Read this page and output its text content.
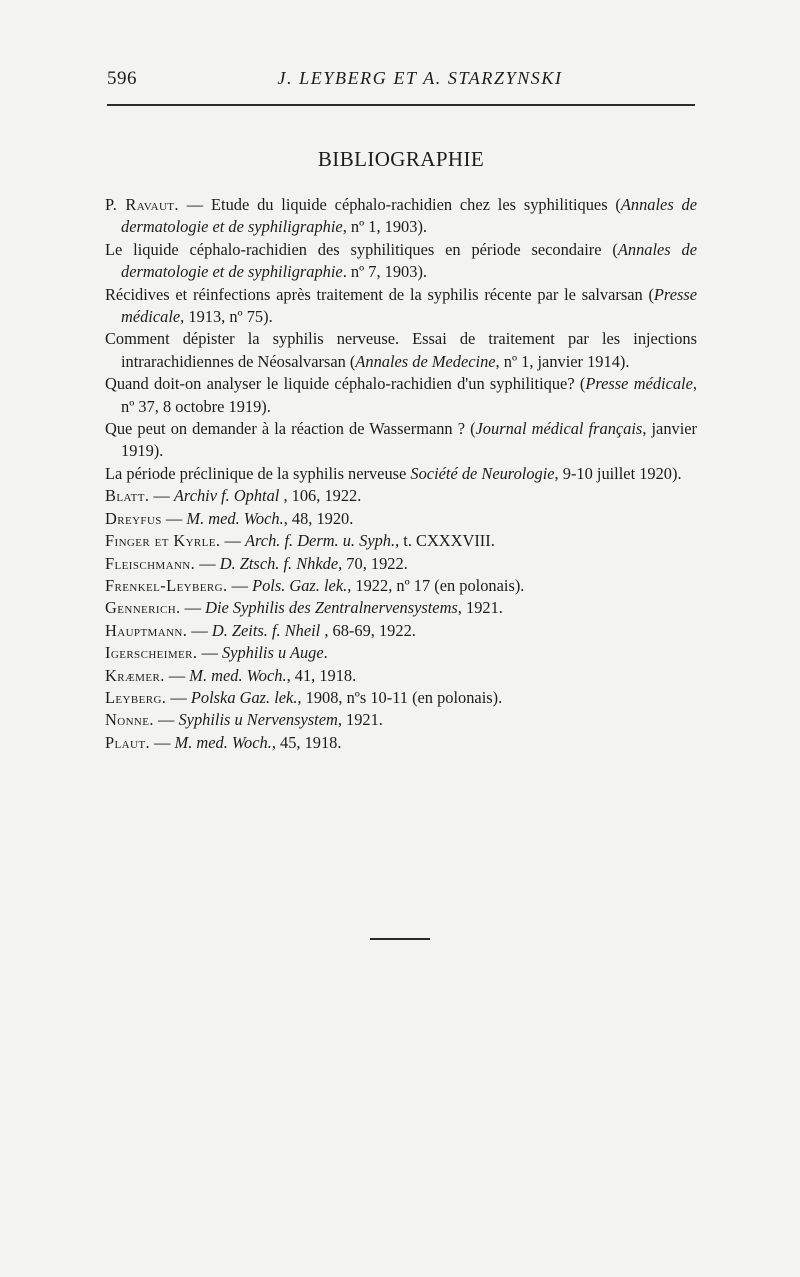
596	J. LEYBERG ET A. STARZYNSKI
BIBLIOGRAPHIE
P. Ravaut. — Etude du liquide céphalo-rachidien chez les syphilitiques (Annales de dermatologie et de syphiligraphie, nº 1, 1903).
Le liquide céphalo-rachidien des syphilitiques en période secondaire (Annales de dermatologie et de syphiligraphie. nº 7, 1903).
Récidives et réinfections après traitement de la syphilis récente par le salvarsan (Presse médicale, 1913, nº 75).
Comment dépister la syphilis nerveuse. Essai de traitement par les injections intrarachidiennes de Néosalvarsan (Annales de Medecine, nº 1, janvier 1914).
Quand doit-on analyser le liquide céphalo-rachidien d'un syphilitique? (Presse médicale, nº 37, 8 octobre 1919).
Que peut on demander à la réaction de Wassermann ? (Journal médical français, janvier 1919).
La période préclinique de la syphilis nerveuse Société de Neurologie, 9-10 juillet 1920).
Blatt. — Archiv f. Ophtal , 106, 1922.
Dreyfus — M. med. Woch., 48, 1920.
Finger et Kyrle. — Arch. f. Derm. u. Syph., t. CXXXVIII.
Fleischmann. — D. Ztsch. f. Nhkde, 70, 1922.
Frenkel-Leyberg. — Pols. Gaz. lek., 1922, nº 17 (en polonais).
Gennerich. — Die Syphilis des Zentralnervensystems, 1921.
Hauptmann. — D. Zeits. f. Nheil , 68-69, 1922.
Igerscheimer. — Syphilis u Auge.
Kræmer. — M. med. Woch., 41, 1918.
Leyberg. — Polska Gaz. lek., 1908, nºs 10-11 (en polonais).
Nonne. — Syphilis u Nervensystem, 1921.
Plaut. — M. med. Woch., 45, 1918.
